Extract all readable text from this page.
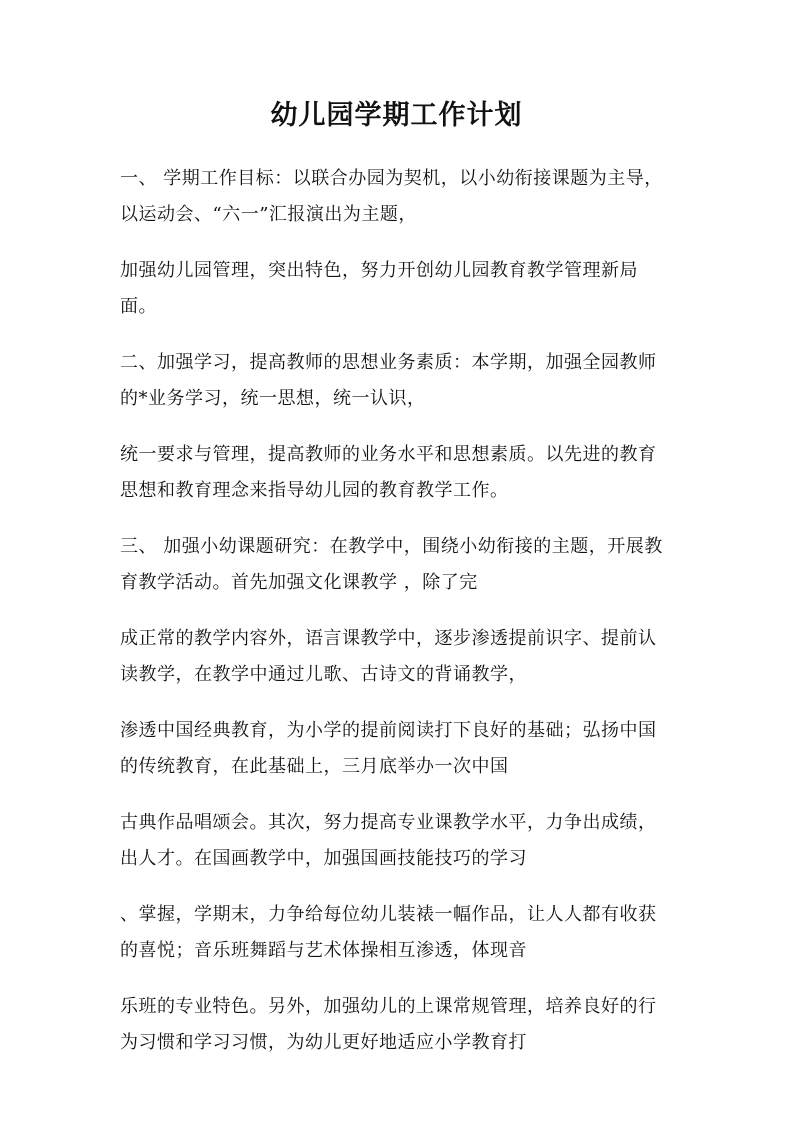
幼儿园学期工作计划

一、 学期工作目标：以联合办园为契机，以小幼衔接课题为主导，
以运动会、“六一”汇报演出为主题，

加强幼儿园管理，突出特色，努力开创幼儿园教育教学管理新局
面。

二、加强学习，提高教师的思想业务素质：本学期，加强全园教师
的*业务学习，统一思想，统一认识，

统一要求与管理，提高教师的业务水平和思想素质。以先进的教育
思想和教育理念来指导幼儿园的教育教学工作。

三、 加强小幼课题研究：在教学中，围绕小幼衔接的主题，开展教
育教学活动。首先加强文化课教学 ，除了完

成正常的教学内容外，语言课教学中，逐步渗透提前识字、提前认
读教学，在教学中通过儿歌、古诗文的背诵教学，

渗透中国经典教育，为小学的提前阅读打下良好的基础；弘扬中国
的传统教育，在此基础上，三月底举办一次中国

古典作品唱颂会。其次，努力提高专业课教学水平，力争出成绩，
出人才。在国画教学中，加强国画技能技巧的学习

、掌握，学期末，力争给每位幼儿装裱一幅作品，让人人都有收获
的喜悦；音乐班舞蹈与艺术体操相互渗透，体现音

乐班的专业特色。另外，加强幼儿的上课常规管理，培养良好的行
为习惯和学习习惯，为幼儿更好地适应小学教育打
